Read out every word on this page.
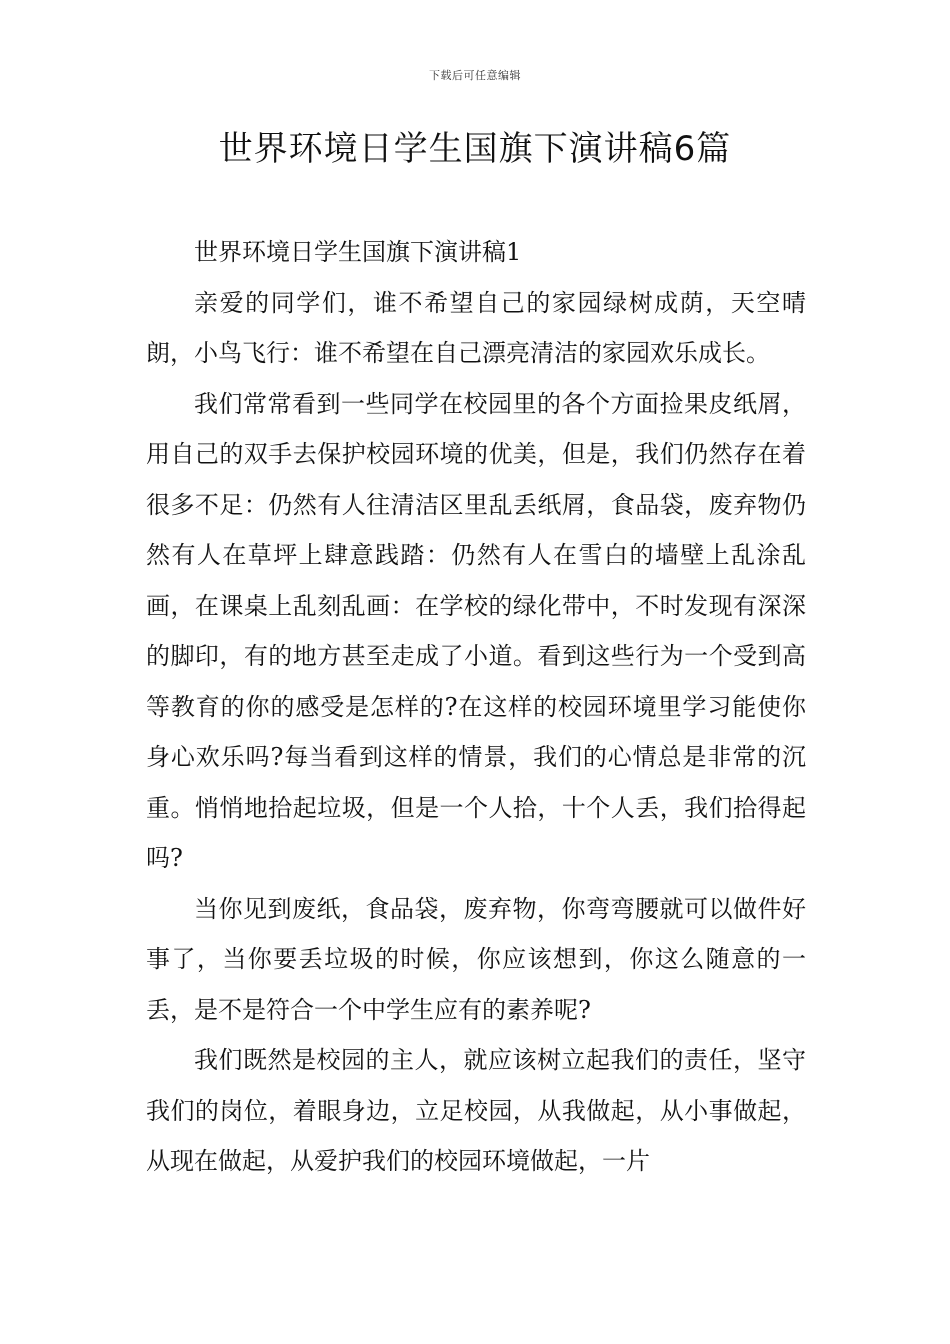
下载后可任意编辑
世界环境日学生国旗下演讲稿6篇

世界环境日学生国旗下演讲稿1

亲爱的同学们，谁不希望自己的家园绿树成荫，天空晴朗，小鸟飞行：谁不希望在自己漂亮清洁的家园欢乐成长。

我们常常看到一些同学在校园里的各个方面捡果皮纸屑，用自己的双手去保护校园环境的优美，但是，我们仍然存在着很多不足：仍然有人往清洁区里乱丢纸屑，食品袋，废弃物仍然有人在草坪上肆意践踏：仍然有人在雪白的墙壁上乱涂乱画，在课桌上乱刻乱画：在学校的绿化带中，不时发现有深深的脚印，有的地方甚至走成了小道。看到这些行为一个受到高等教育的你的感受是怎样的?在这样的校园环境里学习能使你身心欢乐吗?每当看到这样的情景，我们的心情总是非常的沉重。悄悄地拾起垃圾，但是一个人拾，十个人丢，我们拾得起吗?

当你见到废纸，食品袋，废弃物，你弯弯腰就可以做件好事了，当你要丢垃圾的时候，你应该想到，你这么随意的一丢，是不是符合一个中学生应有的素养呢?

我们既然是校园的主人，就应该树立起我们的责任，坚守我们的岗位，着眼身边，立足校园，从我做起，从小事做起，从现在做起，从爱护我们的校园环境做起，一片
